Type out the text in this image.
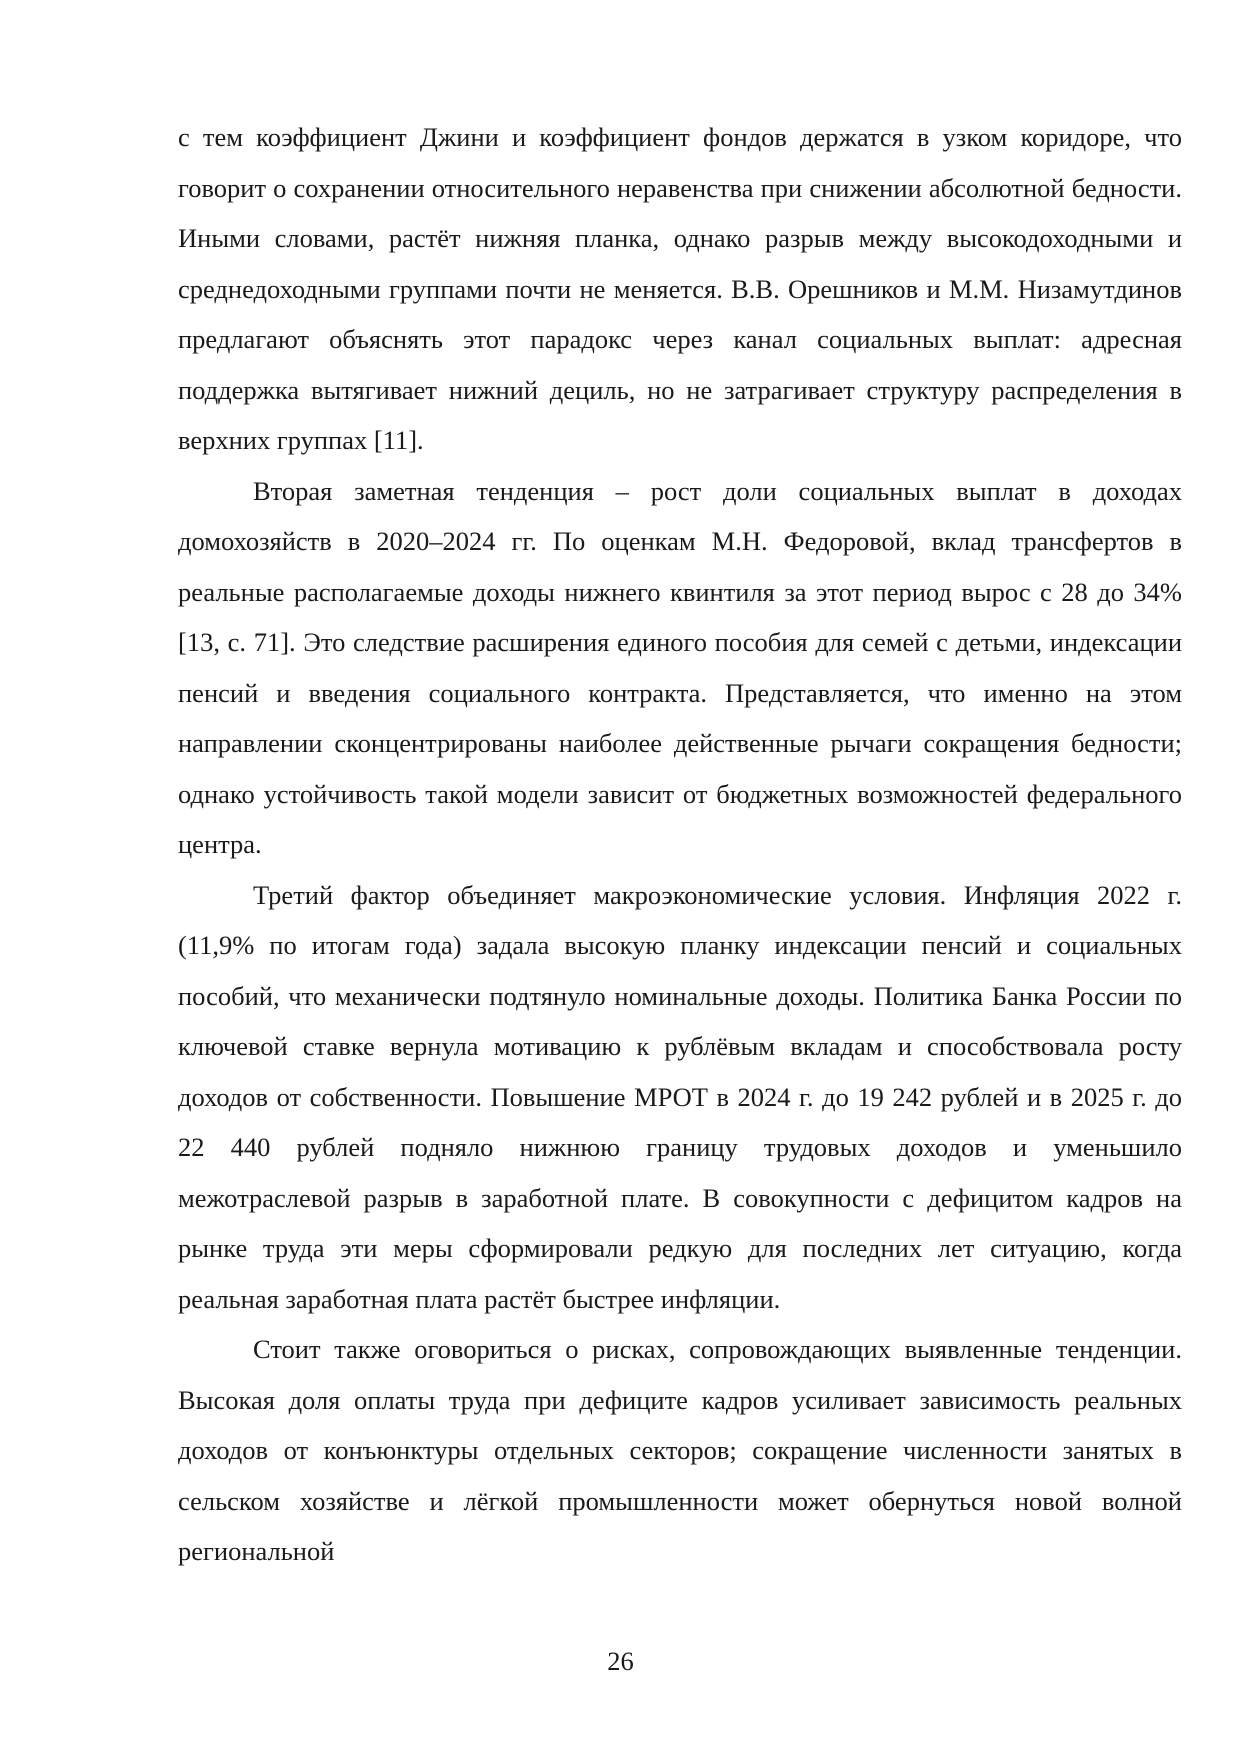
с тем коэффициент Джини и коэффициент фондов держатся в узком коридоре, что говорит о сохранении относительного неравенства при снижении абсолютной бедности. Иными словами, растёт нижняя планка, однако разрыв между высокодоходными и среднедоходными группами почти не меняется. В.В. Орешников и М.М. Низамутдинов предлагают объяснять этот парадокс через канал социальных выплат: адресная поддержка вытягивает нижний дециль, но не затрагивает структуру распределения в верхних группах [11].

Вторая заметная тенденция – рост доли социальных выплат в доходах домохозяйств в 2020–2024 гг. По оценкам М.Н. Федоровой, вклад трансфертов в реальные располагаемые доходы нижнего квинтиля за этот период вырос с 28 до 34% [13, с. 71]. Это следствие расширения единого пособия для семей с детьми, индексации пенсий и введения социального контракта. Представляется, что именно на этом направлении сконцентрированы наиболее действенные рычаги сокращения бедности; однако устойчивость такой модели зависит от бюджетных возможностей федерального центра.

Третий фактор объединяет макроэкономические условия. Инфляция 2022 г. (11,9% по итогам года) задала высокую планку индексации пенсий и социальных пособий, что механически подтянуло номинальные доходы. Политика Банка России по ключевой ставке вернула мотивацию к рублёвым вкладам и способствовала росту доходов от собственности. Повышение МРОТ в 2024 г. до 19 242 рублей и в 2025 г. до 22 440 рублей подняло нижнюю границу трудовых доходов и уменьшило межотраслевой разрыв в заработной плате. В совокупности с дефицитом кадров на рынке труда эти меры сформировали редкую для последних лет ситуацию, когда реальная заработная плата растёт быстрее инфляции.

Стоит также оговориться о рисках, сопровождающих выявленные тенденции. Высокая доля оплаты труда при дефиците кадров усиливает зависимость реальных доходов от конъюнктуры отдельных секторов; сокращение численности занятых в сельском хозяйстве и лёгкой промышленности может обернуться новой волной региональной

26
